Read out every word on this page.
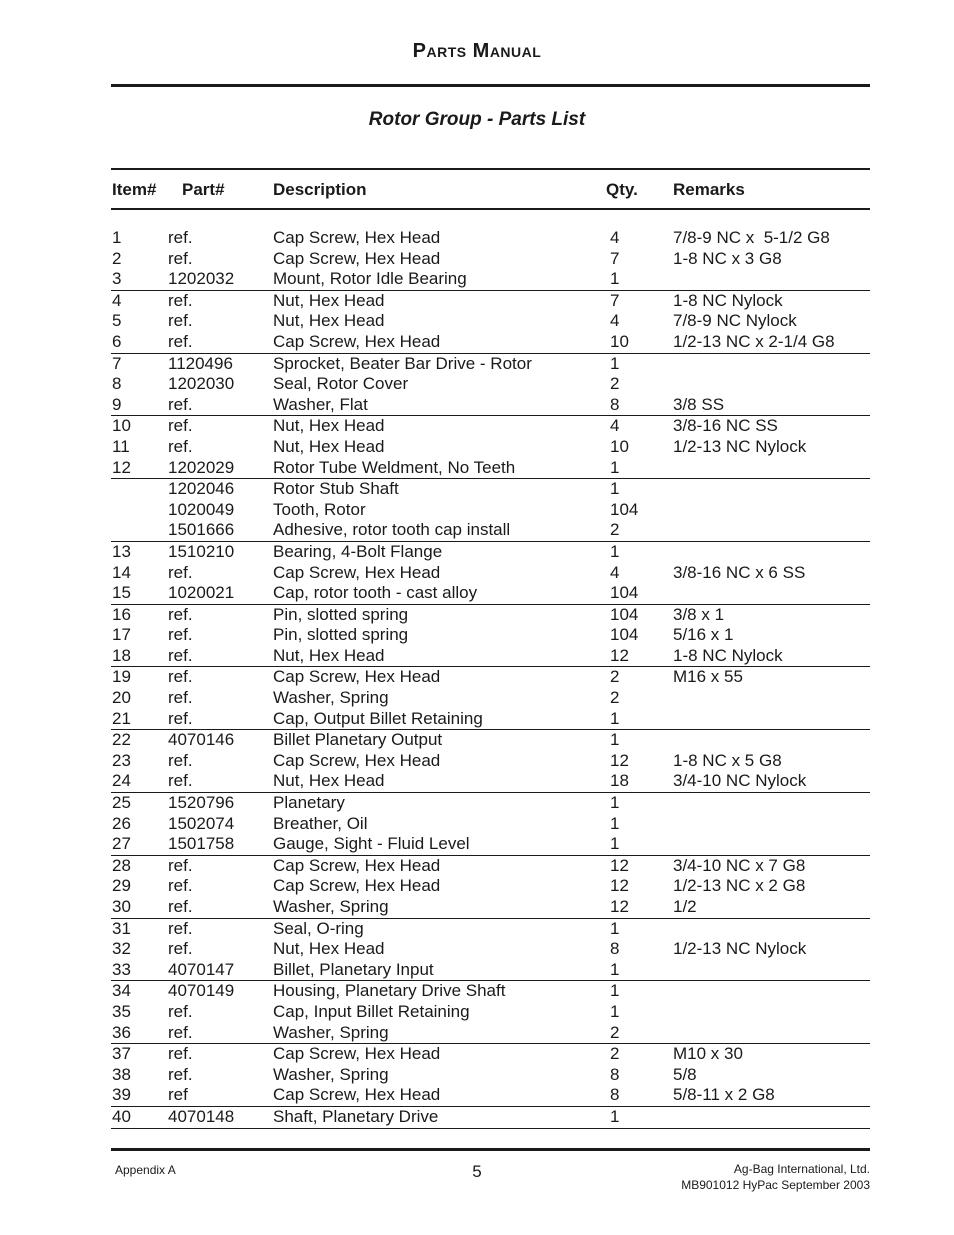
Parts Manual
Rotor Group - Parts List
Item# Part#	Description	Qty. Remarks
1	ref.	Cap Screw, Hex Head	4	7/8-9 NC x  5-1/2 G8
2	ref.	Cap Screw, Hex Head	7	1-8 NC x 3 G8
3	1202032 Mount, Rotor Idle Bearing	1
4	ref.	Nut, Hex Head	7	1-8 NC Nylock
5	ref.	Nut, Hex Head	4	7/8-9 NC Nylock
6	ref.	Cap Screw, Hex Head	10	1/2-13 NC x 2-1/4 G8
7	1120496 Sprocket, Beater Bar Drive - Rotor	1
8	1202030 Seal, Rotor Cover	2
9	ref.	Washer, Flat	8	3/8 SS
10 ref.	Nut, Hex Head	4	3/8-16 NC SS
11 ref.	Nut, Hex Head	10	1/2-13 NC Nylock
12 1202029 Rotor Tube Weldment, No Teeth	1
1202046 Rotor Stub Shaft	1
1020049 Tooth, Rotor	104
1501666 Adhesive, rotor tooth cap install	2
13 1510210 Bearing, 4-Bolt Flange	1
14 ref.	Cap Screw, Hex Head	4	3/8-16 NC x 6 SS
15 1020021 Cap, rotor tooth - cast alloy	104
16 ref.	Pin, slotted spring	104 3/8 x 1
17 ref.	Pin, slotted spring	104 5/16 x 1
18 ref.	Nut, Hex Head	12	1-8 NC Nylock
19 ref.	Cap Screw, Hex Head	2	M16 x 55
20 ref.	Washer, Spring	2
21 ref.	Cap, Output Billet Retaining	1
22 4070146 Billet Planetary Output	1
23 ref.	Cap Screw, Hex Head	12	1-8 NC x 5 G8
24 ref.	Nut, Hex Head	18	3/4-10 NC Nylock
25 1520796 Planetary	1
26 1502074 Breather, Oil	1
27 1501758 Gauge, Sight - Fluid Level	1
28 ref.	Cap Screw, Hex Head	12	3/4-10 NC x 7 G8
29 ref.	Cap Screw, Hex Head	12	1/2-13 NC x 2 G8
30 ref.	Washer, Spring	12	1/2
31 ref.	Seal, O-ring	1
32 ref.	Nut, Hex Head	8	1/2-13 NC Nylock
33 4070147 Billet, Planetary Input	1
34 4070149 Housing, Planetary Drive Shaft	1
35 ref.	Cap, Input Billet Retaining	1
36 ref.	Washer, Spring	2
37 ref.	Cap Screw, Hex Head	2	M10 x 30
38 ref.	Washer, Spring	8	5/8
39 ref	Cap Screw, Hex Head	8	5/8-11 x 2 G8
40 4070148 Shaft, Planetary Drive	1
Appendix A	5	Ag-Bag International, Ltd.
MB901012 HyPac September 2003
